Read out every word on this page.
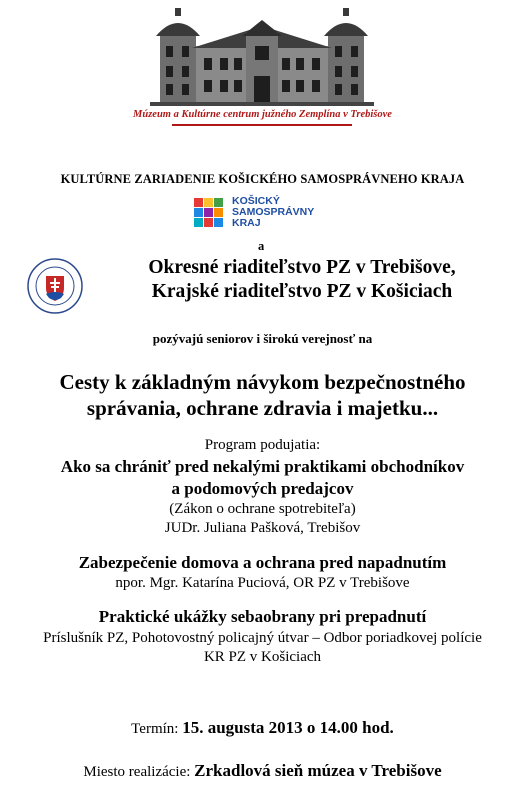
Múzeum a Kultúrne centrum južného Zemplína v Trebišove
KULTÚRNE ZARIADENIE KOŠICKÉHO SAMOSPRÁVNEHO KRAJA
KOŠICKÝ
SAMOSPRÁVNY
KRAJ
a
Okresné riaditeľstvo PZ v Trebišove,
Krajské riaditeľstvo PZ v Košiciach
pozývajú seniorov i širokú verejnosť na
Cesty k základným návykom bezpečnostného
správania, ochrane zdravia i majetku...
Program podujatia:
Ako sa chrániť pred nekalými praktikami obchodníkov
a podomových predajcov
(Zákon o ochrane spotrebiteľa)
JUDr. Juliana Pašková, Trebišov
Zabezpečenie domova a ochrana pred napadnutím
npor. Mgr. Katarína Puciová, OR PZ v Trebišove
Praktické ukážky sebaobrany pri prepadnutí
Príslušník PZ, Pohotovostný policajný útvar – Odbor poriadkovej polície
KR PZ v Košiciach
Termín: 15. augusta 2013 o 14.00 hod.
Miesto realizácie: Zrkadlová sieň múzea v Trebišove
